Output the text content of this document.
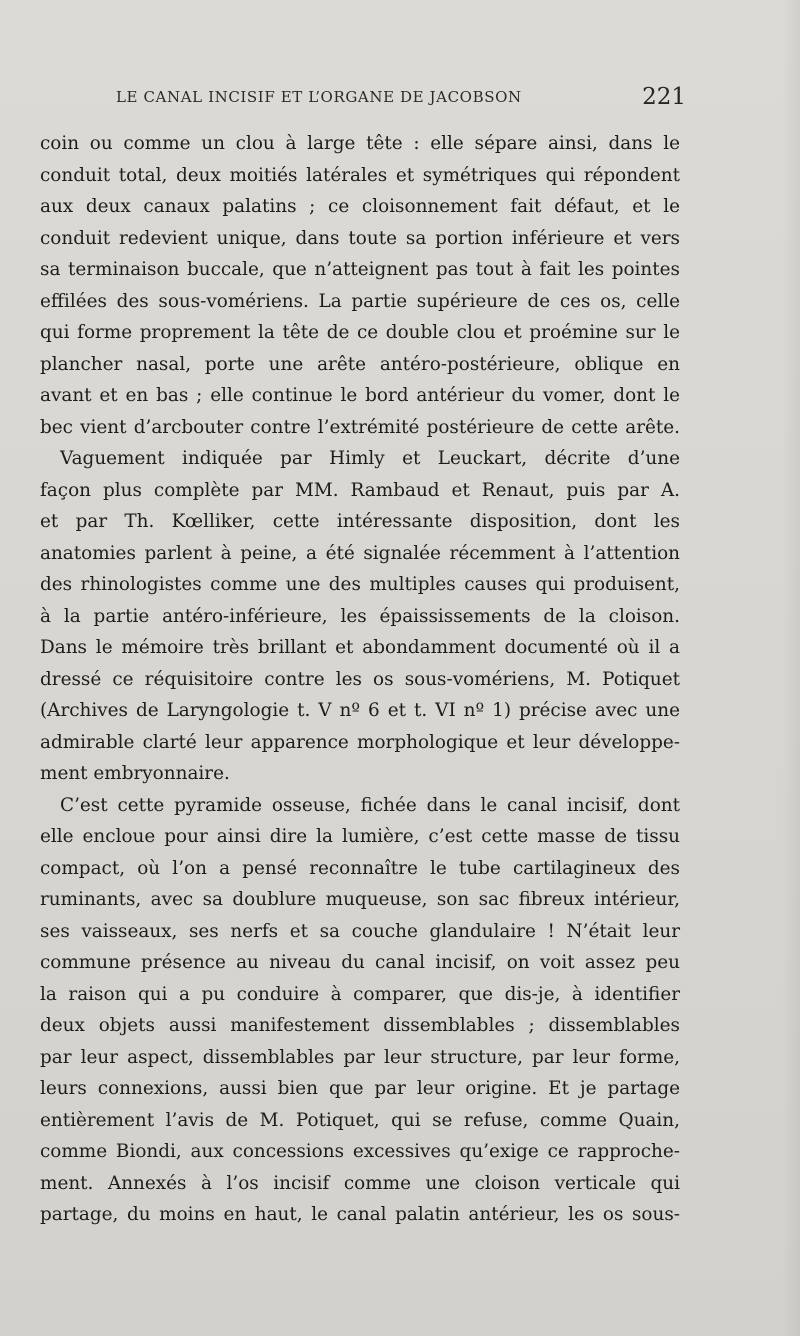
LE CANAL INCISIF ET L’ORGANE DE JACOBSON	221
coin ou comme un clou à large tête : elle sépare ainsi, dans le
conduit total, deux moitiés latérales et symétriques qui répondent
aux deux canaux palatins ; ce cloisonnement fait défaut, et le
conduit redevient unique, dans toute sa portion inférieure et vers
sa terminaison buccale, que n’atteignent pas tout à fait les pointes
effilées des sous-vomériens. La partie supérieure de ces os, celle
qui forme proprement la tête de ce double clou et proémine sur le
plancher nasal, porte une arête antéro-postérieure, oblique en
avant et en bas ; elle continue le bord antérieur du vomer, dont le
bec vient d’arcbouter contre l’extrémité postérieure de cette arête.
Vaguement indiquée par Himly et Leuckart, décrite d’une
façon plus complète par MM. Rambaud et Renaut, puis par A.
et par Th. Kœlliker, cette intéressante disposition, dont les
anatomies parlent à peine, a été signalée récemment à l’attention
des rhinologistes comme une des multiples causes qui produisent,
à la partie antéro-inférieure, les épaississements de la cloison.
Dans le mémoire très brillant et abondamment documenté où il a
dressé ce réquisitoire contre les os sous-vomériens, M. Potiquet
(Archives de Laryngologie t. V nº 6 et t. VI nº 1) précise avec une
admirable clarté leur apparence morphologique et leur développe-
ment embryonnaire.
C’est cette pyramide osseuse, fichée dans le canal incisif, dont
elle encloue pour ainsi dire la lumière, c’est cette masse de tissu
compact, où l’on a pensé reconnaître le tube cartilagineux des
ruminants, avec sa doublure muqueuse, son sac fibreux intérieur,
ses vaisseaux, ses nerfs et sa couche glandulaire ! N’était leur
commune présence au niveau du canal incisif, on voit assez peu
la raison qui a pu conduire à comparer, que dis-je, à identifier
deux objets aussi manifestement dissemblables ; dissemblables
par leur aspect, dissemblables par leur structure, par leur forme,
leurs connexions, aussi bien que par leur origine. Et je partage
entièrement l’avis de M. Potiquet, qui se refuse, comme Quain,
comme Biondi, aux concessions excessives qu’exige ce rapproche-
ment. Annexés à l’os incisif comme une cloison verticale qui
partage, du moins en haut, le canal palatin antérieur, les os sous-
